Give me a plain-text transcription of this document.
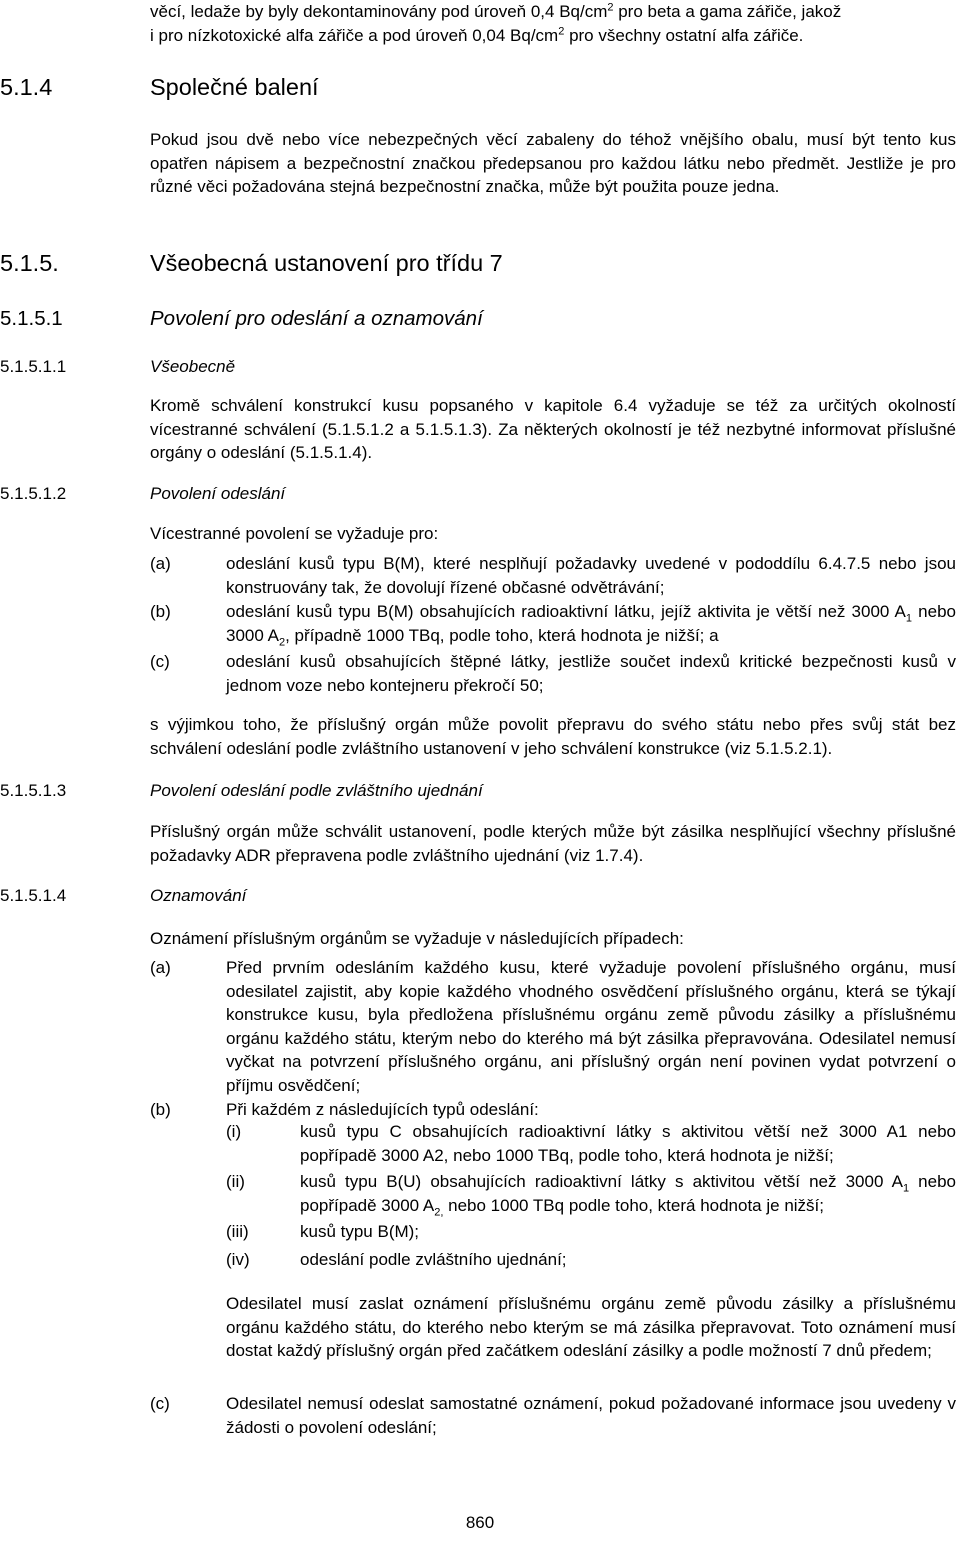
věcí, ledaže by byly dekontaminovány pod úroveň 0,4 $Bq/cm^2$ pro beta a gama zářiče, jakož
i pro nízkotoxické alfa zářiče a pod úroveň 0,04 $Bq/cm^2$ pro všechny ostatní alfa zářiče.
5.1.4	Společné balení
Pokud jsou dvě nebo více nebezpečných věcí zabaleny do téhož vnějšího obalu, musí být tento kus opatřen nápisem a bezpečnostní značkou předepsanou pro každou látku nebo předmět. Jestliže je pro různé věci požadována stejná bezpečnostní značka, může být použita pouze jedna.
5.1.5.	Všeobecná ustanovení pro třídu 7
5.1.5.1	Povolení pro odeslání a oznamování
5.1.5.1.1	Všeobecně
Kromě schválení konstrukcí kusu popsaného v kapitole 6.4 vyžaduje se též za určitých okolností vícestranné schválení (5.1.5.1.2 a 5.1.5.1.3). Za některých okolností je též nezbytné informovat příslušné orgány o odeslání (5.1.5.1.4).
5.1.5.1.2	Povolení odeslání
Vícestranné povolení se vyžaduje pro:
(a)	odeslání kusů typu B(M), které nesplňují požadavky uvedené v pododdílu 6.4.7.5 nebo jsou konstruovány tak, že dovolují řízené občasné odvětrávání;
(b)	odeslání kusů typu B(M) obsahujících radioaktivní látku, jejíž aktivita je větší než 3000 $A_1$ nebo 3000 $A_2$, případně 1000 TBq, podle toho, která hodnota je nižší; a
(c)	odeslání kusů obsahujících štěpné látky, jestliže součet indexů kritické bezpečnosti kusů v jednom voze nebo kontejneru překročí 50;
s výjimkou toho, že příslušný orgán může povolit přepravu do svého státu nebo přes svůj stát bez schválení odeslání podle zvláštního ustanovení v jeho schválení konstrukce (viz 5.1.5.2.1).
5.1.5.1.3	Povolení odeslání podle zvláštního ujednání
Příslušný orgán může schválit ustanovení, podle kterých může být zásilka nesplňující všechny příslušné požadavky ADR přepravena podle zvláštního ujednání (viz 1.7.4).
5.1.5.1.4	Oznamování
Oznámení příslušným orgánům se vyžaduje v následujících případech:
(a)	Před prvním odesláním každého kusu, které vyžaduje povolení příslušného orgánu, musí odesilatel zajistit, aby kopie každého vhodného osvědčení příslušného orgánu, která se týkají konstrukce kusu, byla předložena příslušnému orgánu země původu zásilky a příslušnému orgánu každého státu, kterým nebo do kterého má být zásilka přepravována. Odesilatel nemusí vyčkat na potvrzení příslušného orgánu, ani příslušný orgán není povinen vydat potvrzení o příjmu osvědčení;
(b)	Při každém z následujících typů odeslání:
(i)	kusů typu C obsahujících radioaktivní látky s aktivitou větší než 3000 A1 nebo popřípadě 3000 A2, nebo 1000 TBq, podle toho, která hodnota je nižší;
(ii)	kusů typu B(U) obsahujících radioaktivní látky s aktivitou větší než 3000 $A_1$ nebo popřípadě 3000 $A_{2,}$ nebo 1000 TBq podle toho, která hodnota je nižší;
(iii)	kusů typu B(M);
(iv)	odeslání podle zvláštního ujednání;
Odesilatel musí zaslat oznámení příslušnému orgánu země původu zásilky a příslušnému orgánu každého státu, do kterého nebo kterým se má zásilka přepravovat. Toto oznámení musí dostat každý příslušný orgán před začátkem odeslání zásilky a podle možností 7 dnů předem;
(c)	Odesilatel nemusí odeslat samostatné oznámení, pokud požadované informace jsou uvedeny v žádosti o povolení odeslání;
860
